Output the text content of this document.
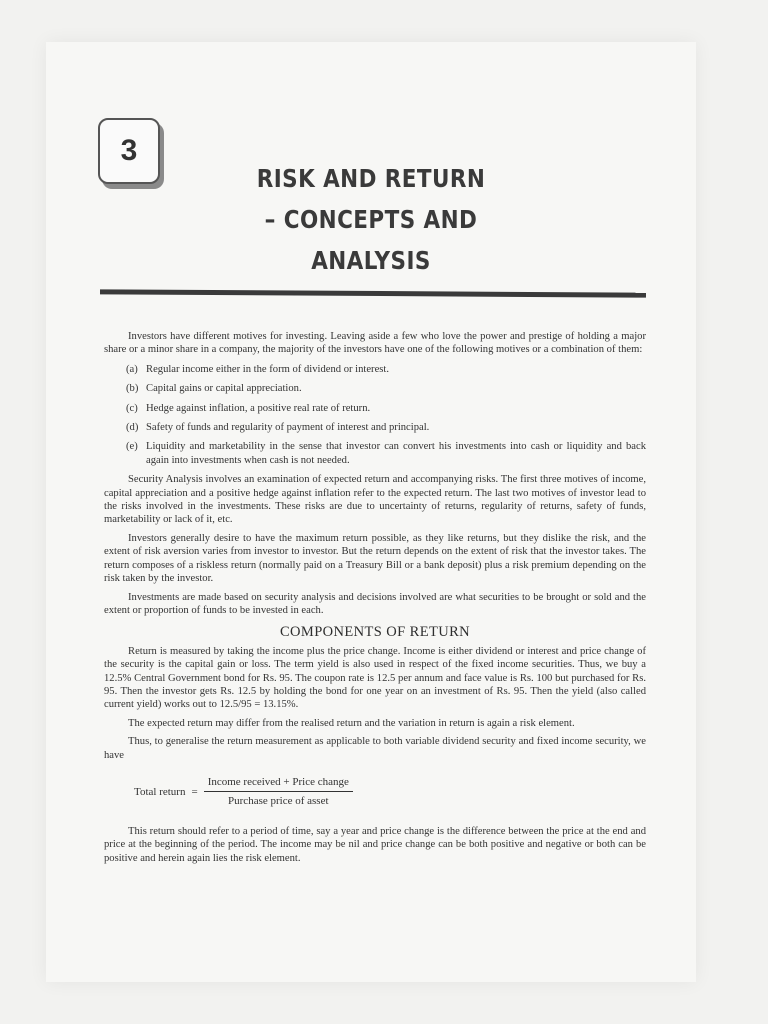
3
RISK AND RETURN
– CONCEPTS AND
ANALYSIS

Investors have different motives for investing. Leaving aside a few who love the power and prestige of holding a major share or a minor share in a company, the majority of the investors have one of the following motives or a combination of them:

(a) Regular income either in the form of dividend or interest.
(b) Capital gains or capital appreciation.
(c) Hedge against inflation, a positive real rate of return.
(d) Safety of funds and regularity of payment of interest and principal.
(e) Liquidity and marketability in the sense that investor can convert his investments into cash or liquidity and back again into investments when cash is not needed.

Security Analysis involves an examination of expected return and accompanying risks. The first three motives of income, capital appreciation and a positive hedge against inflation refer to the expected return. The last two motives of investor lead to the risks involved in the investments. These risks are due to uncertainty of returns, regularity of returns, safety of funds, marketability or lack of it, etc.

Investors generally desire to have the maximum return possible, as they like returns, but they dislike the risk, and the extent of risk aversion varies from investor to investor. But the return depends on the extent of risk that the investor takes. The return composes of a riskless return (normally paid on a Treasury Bill or a bank deposit) plus a risk premium depending on the risk taken by the investor.

Investments are made based on security analysis and decisions involved are what securities to be brought or sold and the extent or proportion of funds to be invested in each.

COMPONENTS OF RETURN

Return is measured by taking the income plus the price change. Income is either dividend or interest and price change of the security is the capital gain or loss. The term yield is also used in respect of the fixed income securities. Thus, we buy a 12.5% Central Government bond for Rs. 95. The coupon rate is 12.5 per annum and face value is Rs. 100 but purchased for Rs. 95. Then the investor gets Rs. 12.5 by holding the bond for one year on an investment of Rs. 95. Then the yield (also called current yield) works out to 12.5/95 = 13.15%.

The expected return may differ from the realised return and the variation in return is again a risk element.

Thus, to generalise the return measurement as applicable to both variable dividend security and fixed income security, we have

Total return = $\frac{\text{Income received + Price change}}{\text{Purchase price of asset}}$

This return should refer to a period of time, say a year and price change is the difference between the price at the end and price at the beginning of the period. The income may be nil and price change can be both positive and negative or both can be positive and herein again lies the risk element.
